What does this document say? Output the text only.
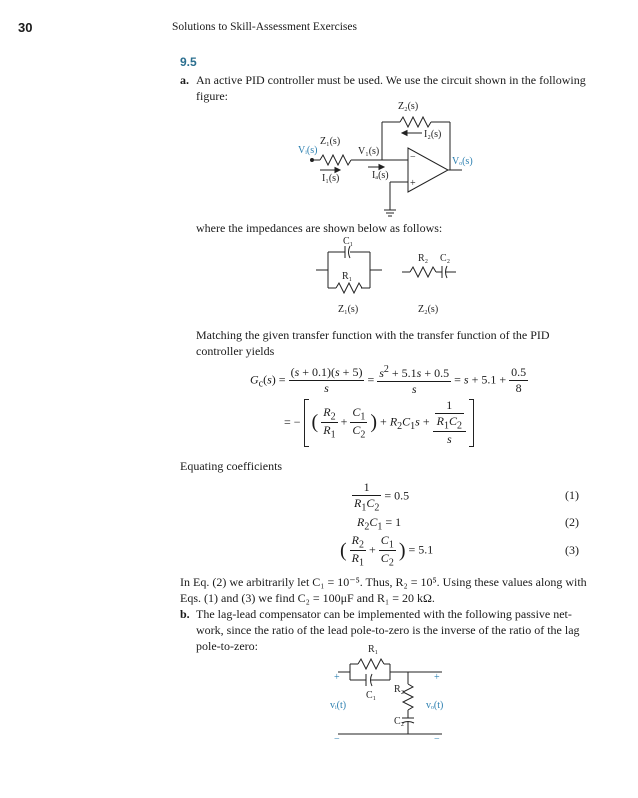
30	Solutions to Skill-Assessment Exercises
9.5
a. An active PID controller must be used. We use the circuit shown in the following
figure:
Z₂(s)
I₂(s)
Vᵢ(s)
Z₁(s)
V₁(s)
I₁(s)	Iₐ(s)
−
+
Vₒ(s)
where the impedances are shown below as follows:
C₁
R₁
Z₁(s)
R₂ C₂
Z₂(s)
Matching the given transfer function with the transfer function of the PID
controller yields
$G_c(s) = \frac{(s + 0.1)(s + 5)}{s} = \frac{s^2 + 5.1s + 0.5}{s} = s + 5.1 + \frac{0.5}{8}$
= − ( $\frac{R_2}{R_1} + \frac{C_1}{C_2}$ ) + $R_2C_1s + \frac{\frac{1}{R_1C_2}}{s}$

Equating coefficients
$\frac{1}{R_1C_2} = 0.5$	(1)
$R_2C_1 = 1$	(2)
( $\frac{R_2}{R_1} + \frac{C_1}{C_2}$ ) = 5.1	(3)
In Eq. (2) we arbitrarily let C₁ = 10⁻⁵. Thus, R₂ = 10⁵. Using these values along with
Eqs. (1) and (3) we find C₂ = 100μF and R₁ = 20 kΩ.
b. The lag-lead compensator can be implemented with the following passive net-
work, since the ratio of the lead pole-to-zero is the inverse of the ratio of the lag
pole-to-zero:	R₁
C₁
+	+
vᵢ(t)	vₒ(t)
R₂
C₂
−	−
